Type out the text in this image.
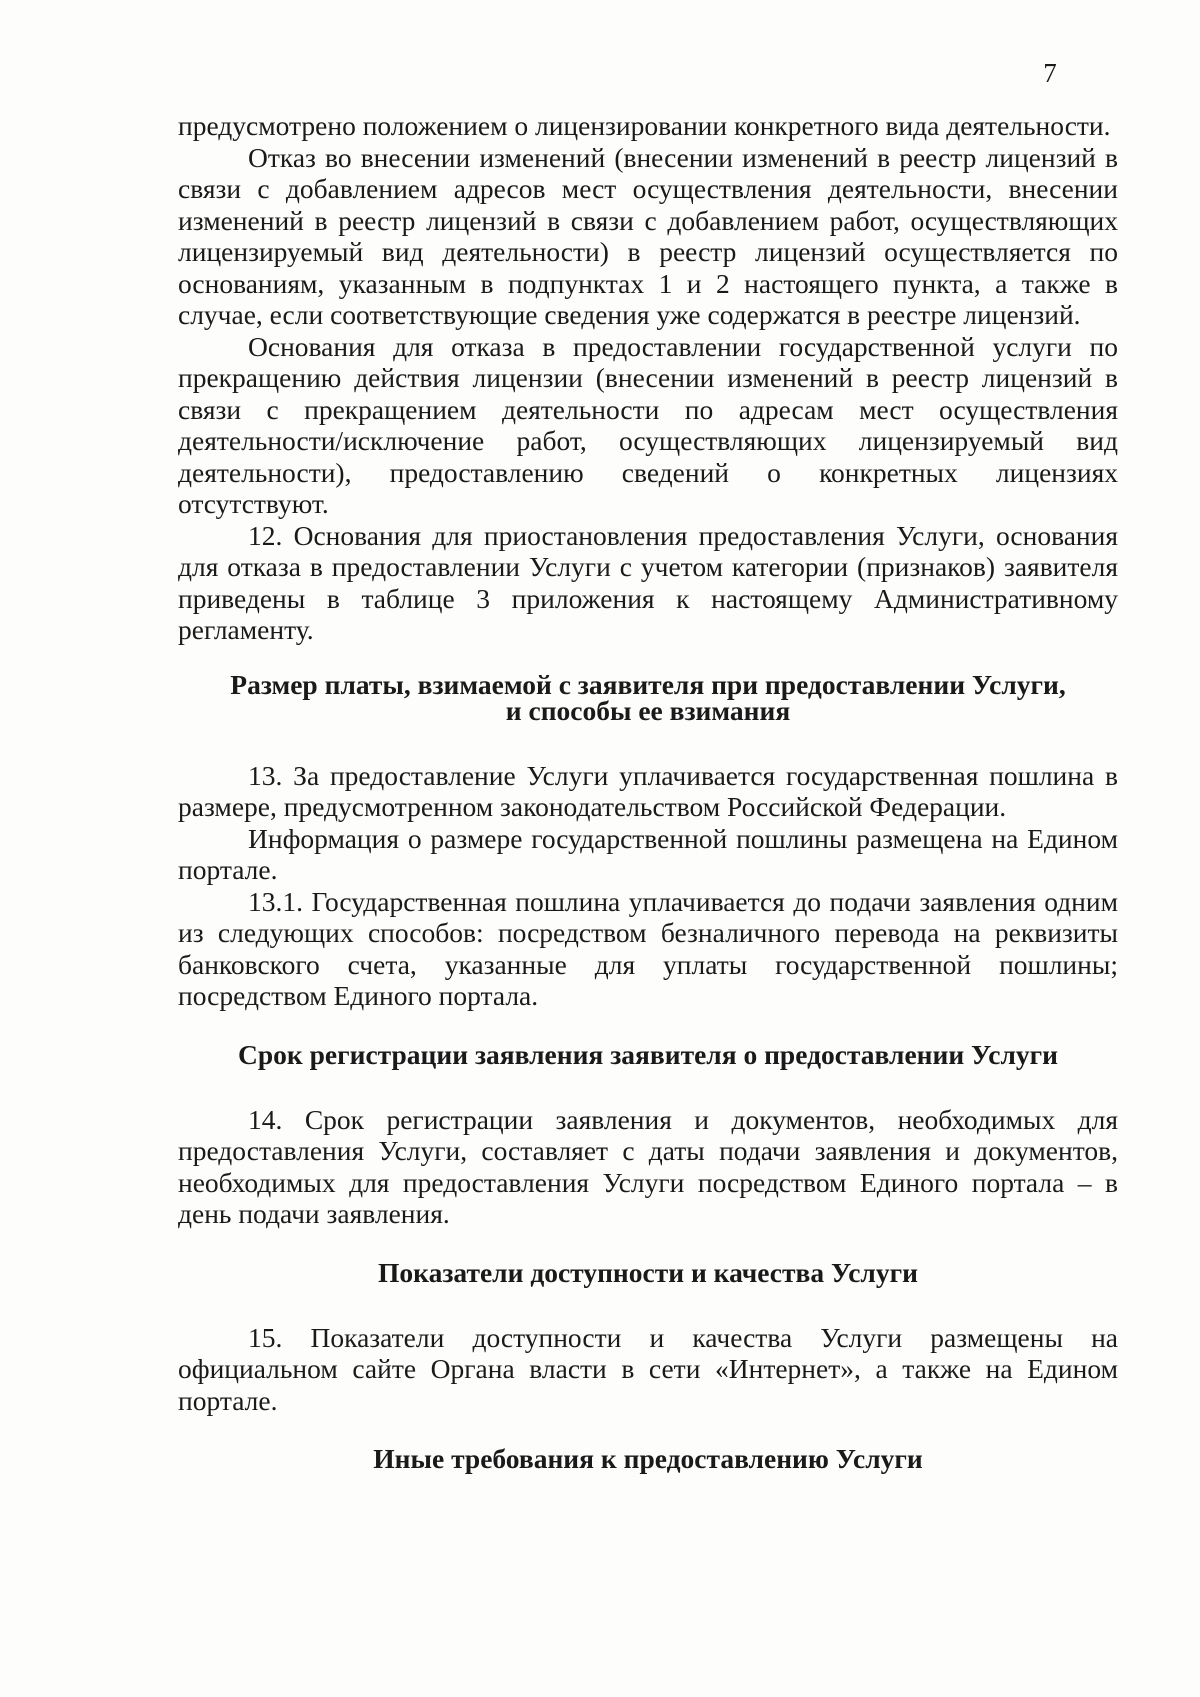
7

предусмотрено положением о лицензировании конкретного вида деятельности.

Отказ во внесении изменений (внесении изменений в реестр лицензий в связи с добавлением адресов мест осуществления деятельности, внесении изменений в реестр лицензий в связи с добавлением работ, осуществляющих лицензируемый вид деятельности) в реестр лицензий осуществляется по основаниям, указанным в подпунктах 1 и 2 настоящего пункта, а также в случае, если соответствующие сведения уже содержатся в реестре лицензий.

Основания для отказа в предоставлении государственной услуги по прекращению действия лицензии (внесении изменений в реестр лицензий в связи с прекращением деятельности по адресам мест осуществления деятельности/исключение работ, осуществляющих лицензируемый вид деятельности), предоставлению сведений о конкретных лицензиях отсутствуют.

12. Основания для приостановления предоставления Услуги, основания для отказа в предоставлении Услуги с учетом категории (признаков) заявителя приведены в таблице 3 приложения к настоящему Административному регламенту.

Размер платы, взимаемой с заявителя при предоставлении Услуги,
и способы ее взимания

13. За предоставление Услуги уплачивается государственная пошлина в размере, предусмотренном законодательством Российской Федерации.

Информация о размере государственной пошлины размещена на Едином портале.

13.1. Государственная пошлина уплачивается до подачи заявления одним из следующих способов: посредством безналичного перевода на реквизиты банковского счета, указанные для уплаты государственной пошлины; посредством Единого портала.

Срок регистрации заявления заявителя о предоставлении Услуги

14. Срок регистрации заявления и документов, необходимых для предоставления Услуги, составляет с даты подачи заявления и документов, необходимых для предоставления Услуги посредством Единого портала – в день подачи заявления.

Показатели доступности и качества Услуги

15. Показатели доступности и качества Услуги размещены на официальном сайте Органа власти в сети «Интернет», а также на Едином портале.

Иные требования к предоставлению Услуги
